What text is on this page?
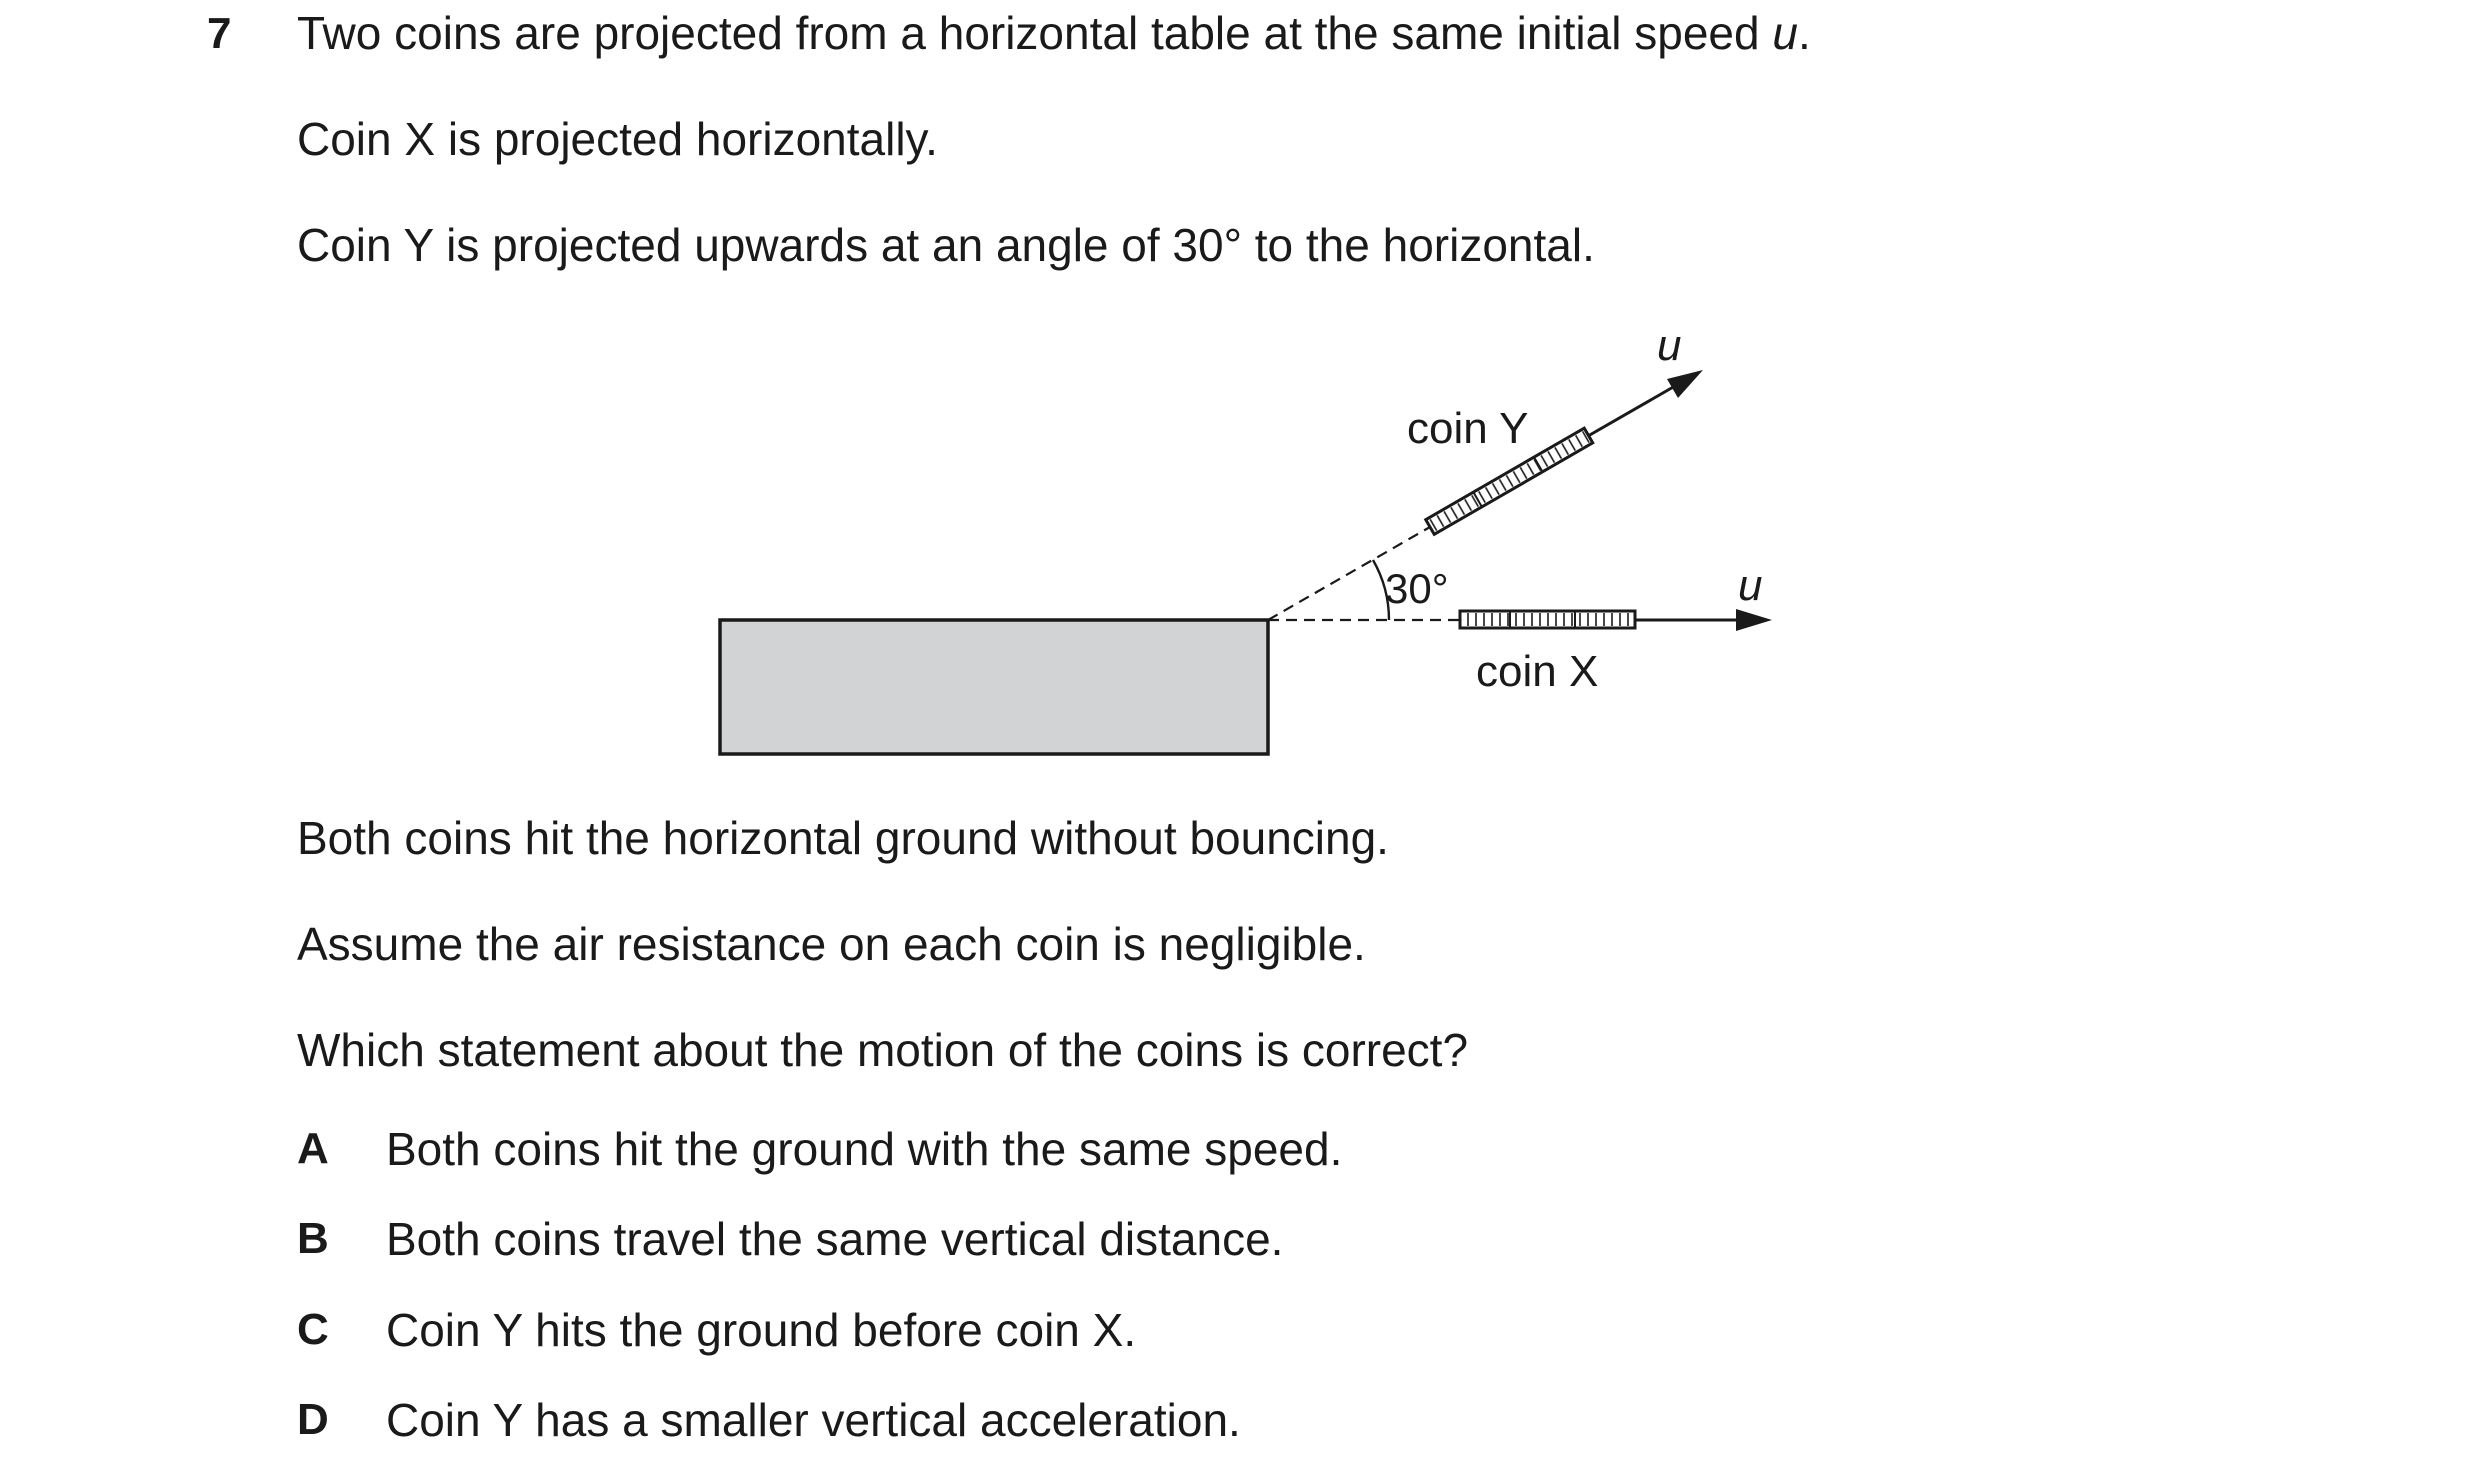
7 Two coins are projected from a horizontal table at the same initial speed u.
Coin X is projected horizontally.
Coin Y is projected upwards at an angle of 30° to the horizontal.
30°	u
coin X
u
coin Y
Both coins hit the horizontal ground without bouncing.
Assume the air resistance on each coin is negligible.
Which statement about the motion of the coins is correct?
A Both coins hit the ground with the same speed.
B Both coins travel the same vertical distance.
C Coin Y hits the ground before coin X.
D Coin Y has a smaller vertical acceleration.
